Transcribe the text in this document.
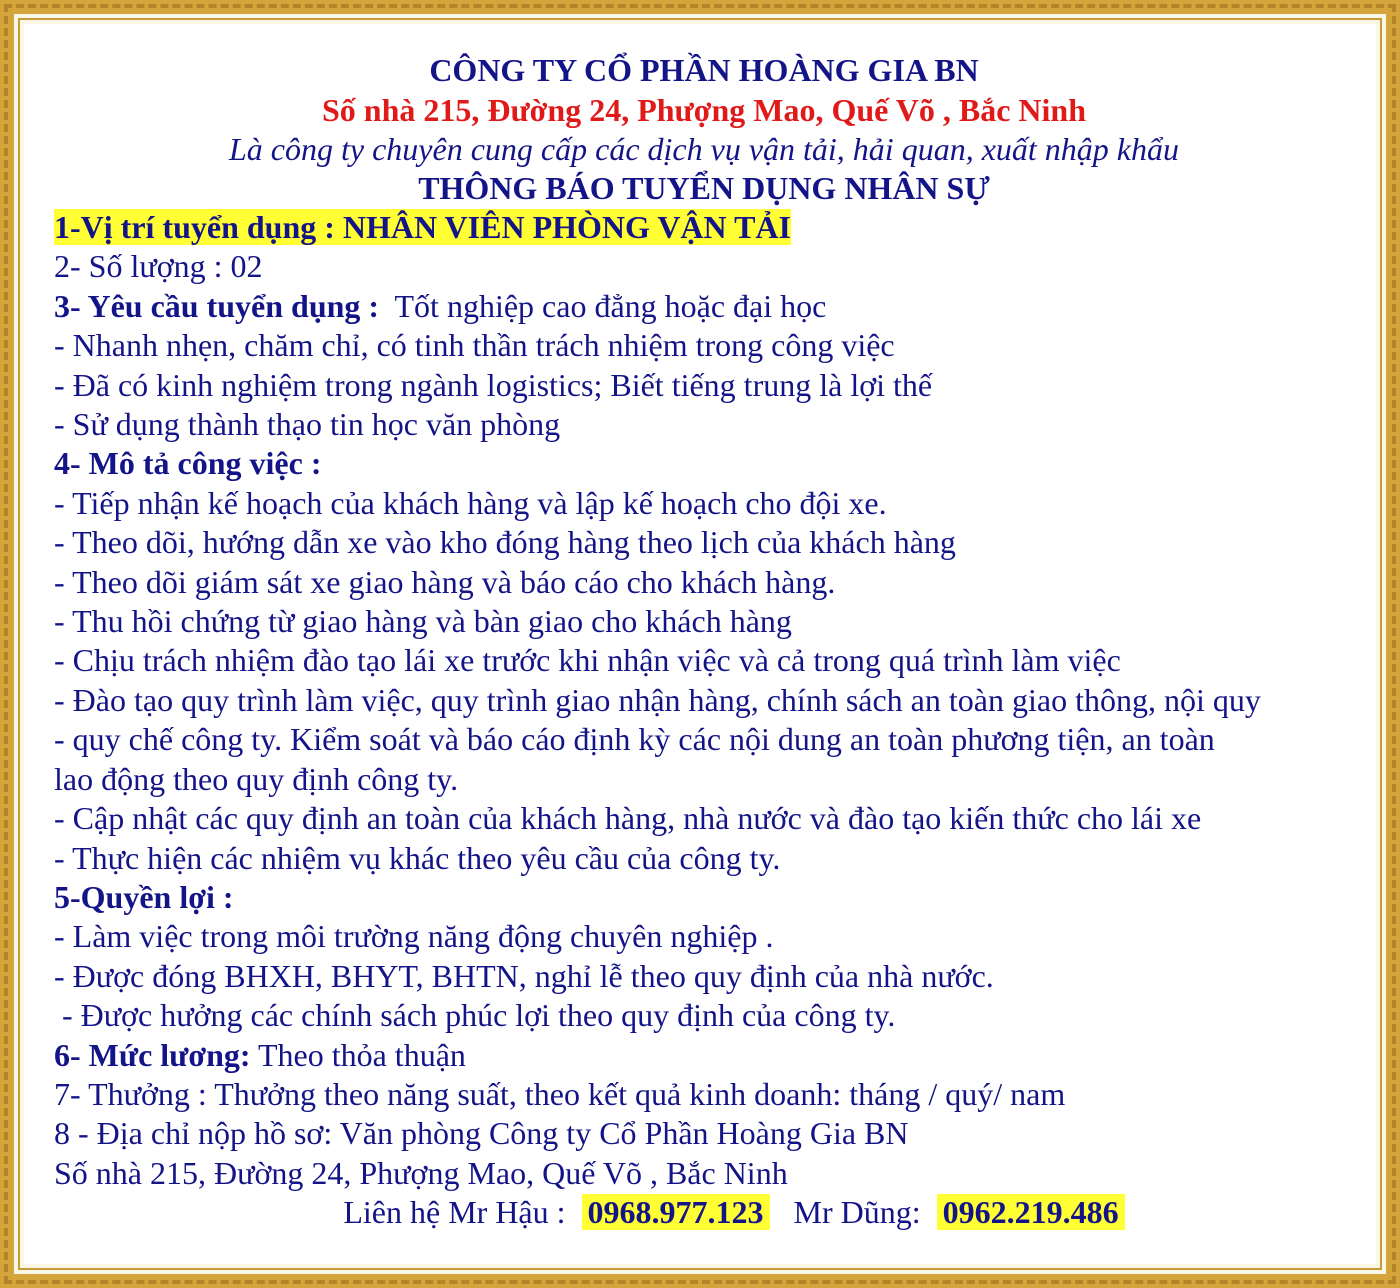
CÔNG TY CỔ PHẦN HOÀNG GIA BN
Số nhà 215, Đường 24, Phượng Mao, Quế Võ , Bắc Ninh
Là công ty chuyên cung cấp các dịch vụ vận tải, hải quan, xuất nhập khẩu
THÔNG BÁO TUYỂN DỤNG NHÂN SỰ
1-Vị trí tuyển dụng : NHÂN VIÊN PHÒNG VẬN TẢI
2- Số lượng : 02
3- Yêu cầu tuyển dụng : Tốt nghiệp cao đẳng hoặc đại học
- Nhanh nhẹn, chăm chỉ, có tinh thần trách nhiệm trong công việc
- Đã có kinh nghiệm trong ngành logistics; Biết tiếng trung là lợi thế
- Sử dụng thành thạo tin học văn phòng
4- Mô tả công việc :
- Tiếp nhận kế hoạch của khách hàng và lập kế hoạch cho đội xe.
- Theo dõi, hướng dẫn xe vào kho đóng hàng theo lịch của khách hàng
- Theo dõi giám sát xe giao hàng và báo cáo cho khách hàng.
- Thu hồi chứng từ giao hàng và bàn giao cho khách hàng
- Chịu trách nhiệm đào tạo lái xe trước khi nhận việc và cả trong quá trình làm việc
- Đào tạo quy trình làm việc, quy trình giao nhận hàng, chính sách an toàn giao thông, nội quy
- quy chế công ty. Kiểm soát và báo cáo định kỳ các nội dung an toàn phương tiện, an toàn
lao động theo quy định công ty.
- Cập nhật các quy định an toàn của khách hàng, nhà nước và đào tạo kiến thức cho lái xe
- Thực hiện các nhiệm vụ khác theo yêu cầu của công ty.
5-Quyền lợi :
- Làm việc trong môi trường năng động chuyên nghiệp .
- Được đóng BHXH, BHYT, BHTN, nghỉ lễ theo quy định của nhà nước.
- Được hưởng các chính sách phúc lợi theo quy định của công ty.
6- Mức lương: Theo thỏa thuận
7- Thưởng : Thưởng theo năng suất, theo kết quả kinh doanh: tháng / quý/ nam
8 - Địa chỉ nộp hồ sơ: Văn phòng Công ty Cổ Phần Hoàng Gia BN
Số nhà 215, Đường 24, Phượng Mao, Quế Võ , Bắc Ninh
Liên hệ Mr Hậu : 0968.977.123 Mr Dũng: 0962.219.486
